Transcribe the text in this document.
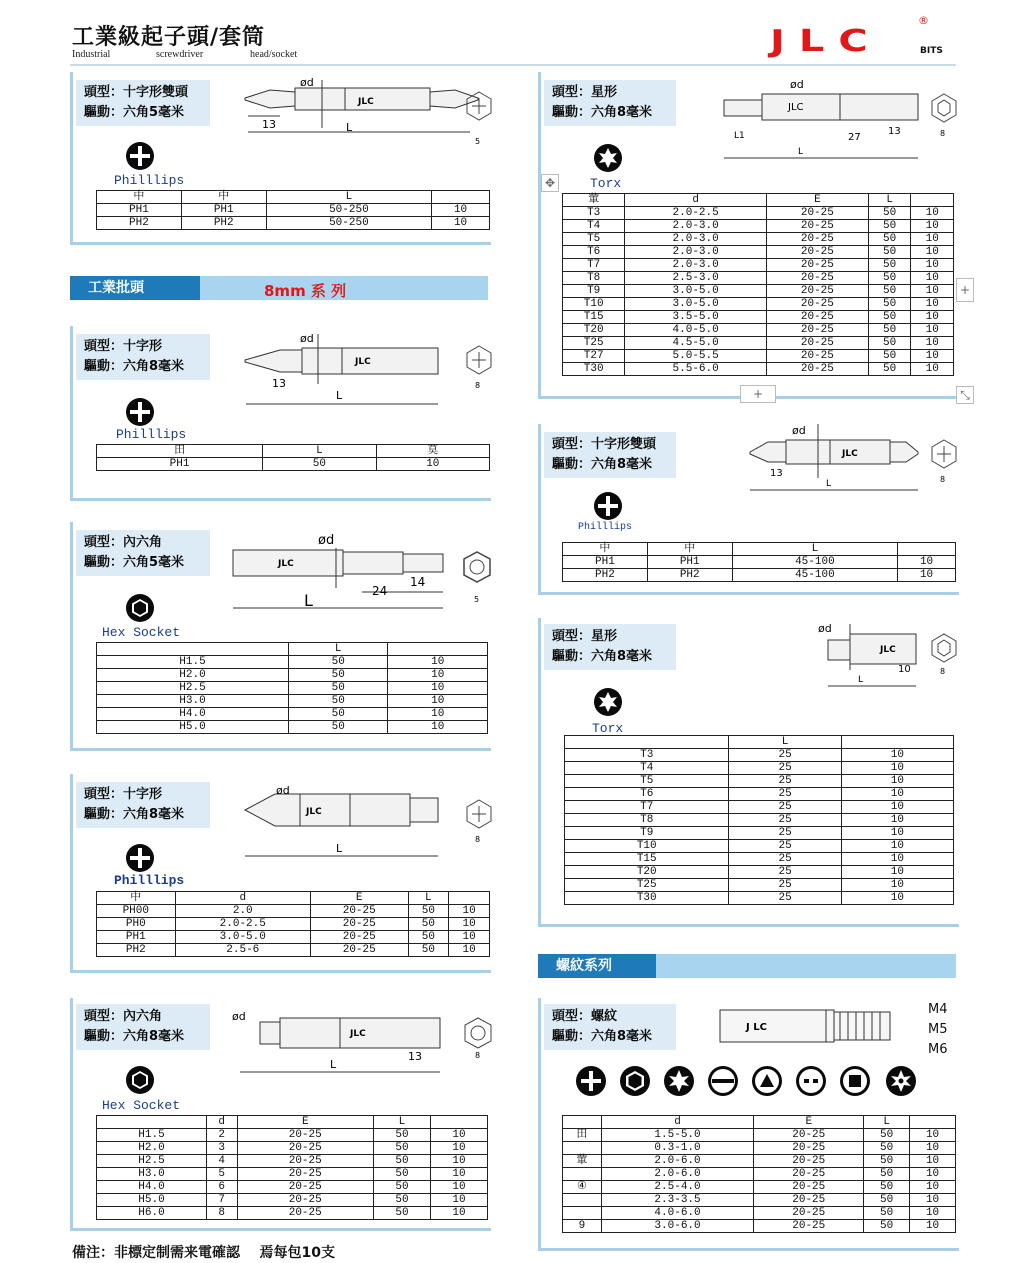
工業級起子頭/套筒
Industrial	screwdriver	head/socket	JLC
®
BITS
頭型：十字形雙頭
驅動：六角5毫米
JLC
13	L
ød
5
Philllips
中	中	L	
PH1	PH1	50-250	10
PH2	PH2	50-250	10
工業批頭	8mm 系 列
頭型：十字形
驅動：六角8毫米	JLC
ød
13
L
8
Philllips
田	L	莫
PH1	50	10
頭型：內六角
驅動：六角5毫米	JLC
ød
24
14
L	5
Hex Socket
	L	
H1.5	50	10
H2.0	50	10
H2.5	50	10
H3.0	50	10
H4.0	50	10
H5.0	50	10
頭型：十字形
驅動：六角8毫米	JLC
ød
L
8
Philllips
中	d	E	L	
PH00	2.0	20-25	50	10
PH0	2.0-2.5	20-25	50	10
PH1	3.0-5.0	20-25	50	10
PH2	2.5-6	20-25	50	10
頭型：內六角
驅動：六角8毫米	JLC
ød
13
L
8
Hex Socket
	d	E	L	
H1.5	2	20-25	50	10
H2.0	3	20-25	50	10
H2.5	4	20-25	50	10
H3.0	5	20-25	50	10
H4.0	6	20-25	50	10
H5.0	7	20-25	50	10
H6.0	8	20-25	50	10
備注：非標定制需来電確認 焉每包10支
頭型：星形
驅動：六角8毫米	JLC
ød
L1	27
13
L
8
Torx
✥
葷	d	E	L	
T3	2.0-2.5	20-25	50	10
T4	2.0-3.0	20-25	50	10
T5	2.0-3.0	20-25	50	10
T6	2.0-3.0	20-25	50	10
T7	2.0-3.0	20-25	50	10
T8	2.5-3.0	20-25	50	10
T9	3.0-5.0	20-25	50	10
T10	3.0-5.0	20-25	50	10
T15	3.5-5.0	20-25	50	10
T20	4.0-5.0	20-25	50	10
T25	4.5-5.0	20-25	50	10
T27	5.0-5.5	20-25	50	10
T30	5.5-6.0	20-25	50	10
+
+	⤡
頭型：十字形雙頭
驅動：六角8毫米
JLC
ød
13
L	8
Philllips
中	中	L	
PH1	PH1	45-100	10
PH2	PH2	45-100	10
頭型：星形
驅動：六角8毫米	JLC
ød
10
L
8
Torx
	L	
T3	25	10
T4	25	10
T5	25	10
T6	25	10
T7	25	10
T8	25	10
T9	25	10
T10	25	10
T15	25	10
T20	25	10
T25	25	10
T30	25	10
螺紋系列
頭型：螺紋
驅動：六角8毫米
J LC
M4
M5
M6
	d	E	L	
田	1.5-5.0	20-25	50	10
	0.3-1.0	20-25	50	10
葷	2.0-6.0	20-25	50	10
	2.0-6.0	20-25	50	10
④	2.5-4.0	20-25	50	10
	2.3-3.5	20-25	50	10
	4.0-6.0	20-25	50	10
9	3.0-6.0	20-25	50	10
